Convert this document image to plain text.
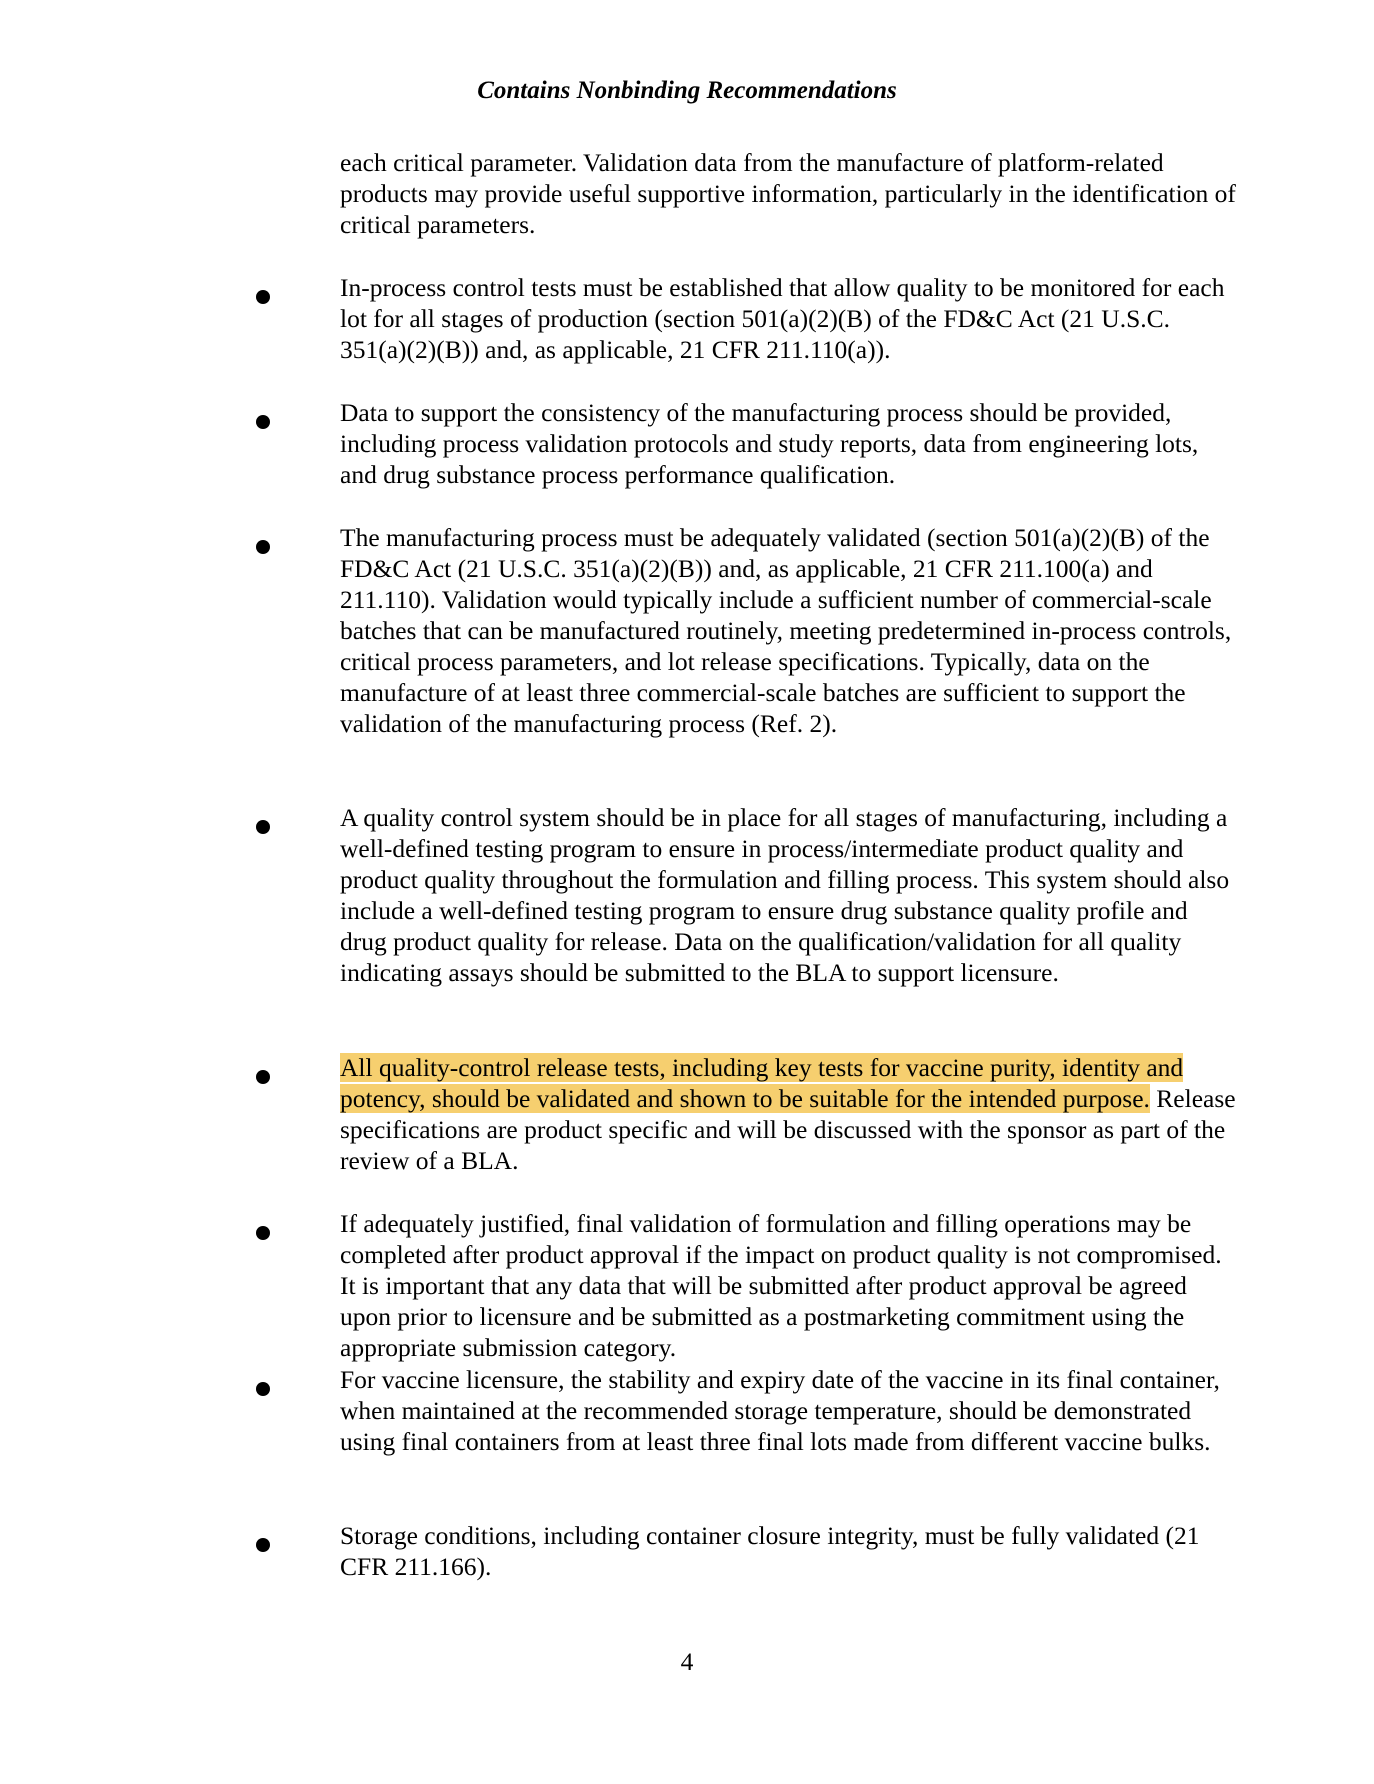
Contains Nonbinding Recommendations

each critical parameter. Validation data from the manufacture of platform-related products may provide useful supportive information, particularly in the identification of critical parameters.

In-process control tests must be established that allow quality to be monitored for each lot for all stages of production (section 501(a)(2)(B) of the FD&C Act (21 U.S.C. 351(a)(2)(B)) and, as applicable, 21 CFR 211.110(a)).

Data to support the consistency of the manufacturing process should be provided, including process validation protocols and study reports, data from engineering lots, and drug substance process performance qualification.

The manufacturing process must be adequately validated (section 501(a)(2)(B) of the FD&C Act (21 U.S.C. 351(a)(2)(B)) and, as applicable, 21 CFR 211.100(a) and 211.110). Validation would typically include a sufficient number of commercial-scale batches that can be manufactured routinely, meeting predetermined in-process controls, critical process parameters, and lot release specifications. Typically, data on the manufacture of at least three commercial-scale batches are sufficient to support the validation of the manufacturing process (Ref. 2).

A quality control system should be in place for all stages of manufacturing, including a well-defined testing program to ensure in process/intermediate product quality and product quality throughout the formulation and filling process. This system should also include a well-defined testing program to ensure drug substance quality profile and drug product quality for release. Data on the qualification/validation for all quality indicating assays should be submitted to the BLA to support licensure.

All quality-control release tests, including key tests for vaccine purity, identity and potency, should be validated and shown to be suitable for the intended purpose. Release specifications are product specific and will be discussed with the sponsor as part of the review of a BLA.

If adequately justified, final validation of formulation and filling operations may be completed after product approval if the impact on product quality is not compromised. It is important that any data that will be submitted after product approval be agreed upon prior to licensure and be submitted as a postmarketing commitment using the appropriate submission category.

For vaccine licensure, the stability and expiry date of the vaccine in its final container, when maintained at the recommended storage temperature, should be demonstrated using final containers from at least three final lots made from different vaccine bulks.

Storage conditions, including container closure integrity, must be fully validated (21 CFR 211.166).

4
